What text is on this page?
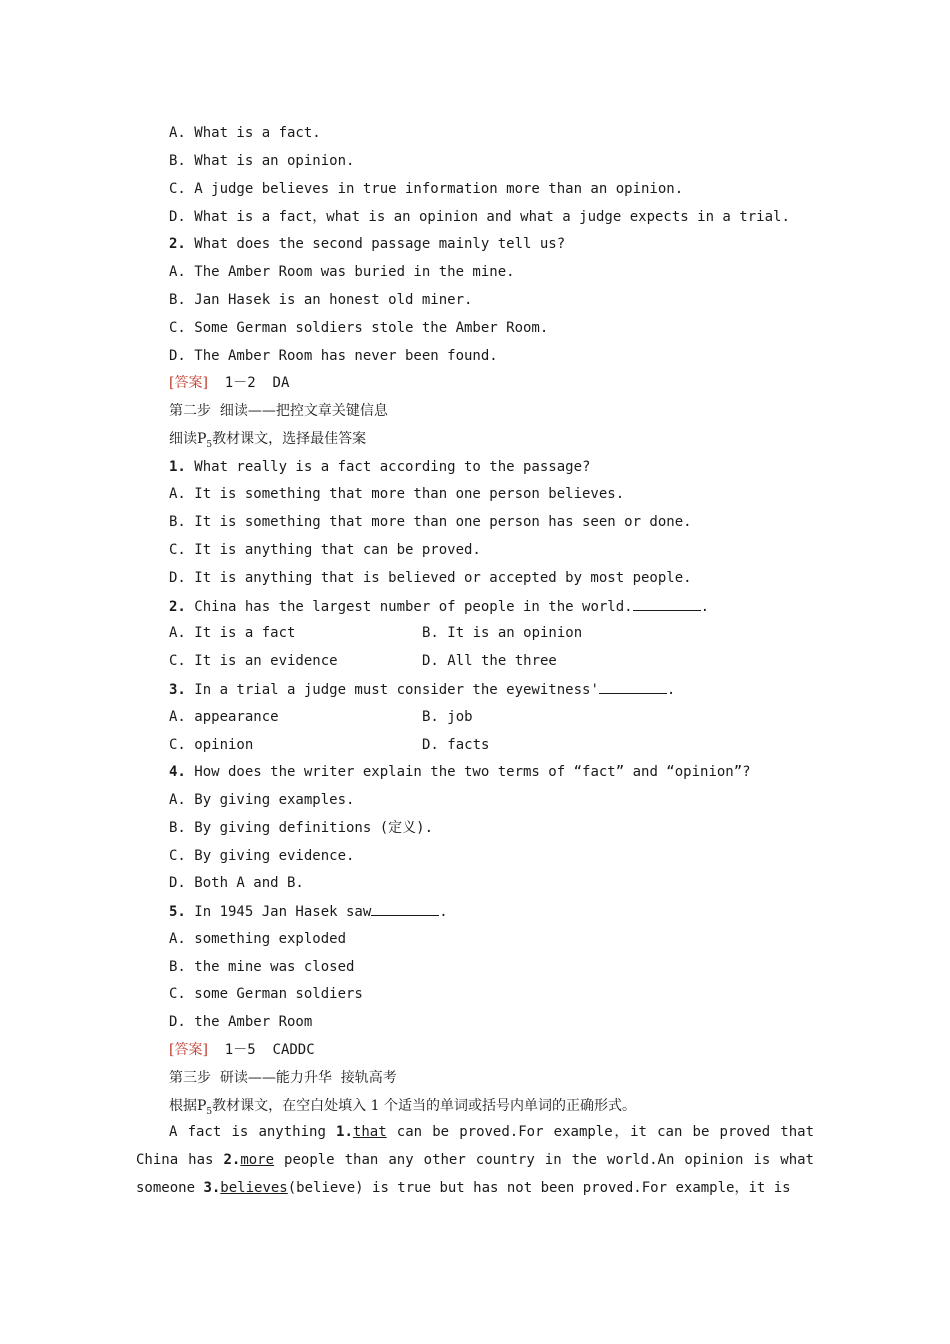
A. What is a fact.
B. What is an opinion.
C. A judge believes in true information more than an opinion.
D. What is a fact，what is an opinion and what a judge expects in a trial.
2. What does the second passage mainly tell us?
A. The Amber Room was buried in the mine.
B. Jan Hasek is an honest old miner.
C. Some German soldiers stole the Amber Room.
D. The Amber Room has never been found.
[答案]  1－2  DA
第二步  细读——把控文章关键信息
细读$P_5$教材课文，选择最佳答案
1. What really is a fact according to the passage?
A. It is something that more than one person believes.
B. It is something that more than one person has seen or done.
C. It is anything that can be proved.
D. It is anything that is believed or accepted by most people.
2. China has the largest number of people in the world.	.
A. It is a fact	B. It is an opinion
C. It is an evidence	D. All the three
3. In a trial a judge must consider the eyewitness'	.
A. appearance	B. job
C. opinion	D. facts
4. How does the writer explain the two terms of “fact” and “opinion”?
A. By giving examples.
B. By giving definitions (定义).
C. By giving evidence.
D. Both A and B.
5. In 1945 Jan Hasek saw	.
A. something exploded
B. the mine was closed
C. some German soldiers
D. the Amber Room
[答案]  1－5  CADDC
第三步  研读——能力升华  接轨高考
根据$P_5$教材课文，在空白处填入 1 个适当的单词或括号内单词的正确形式。
A fact is anything 1.that can be proved.For example，it can be proved that China has 2.more people than any other country in the world.An opinion is what someone 3.believes(believe) is true but has not been proved.For example，it is
